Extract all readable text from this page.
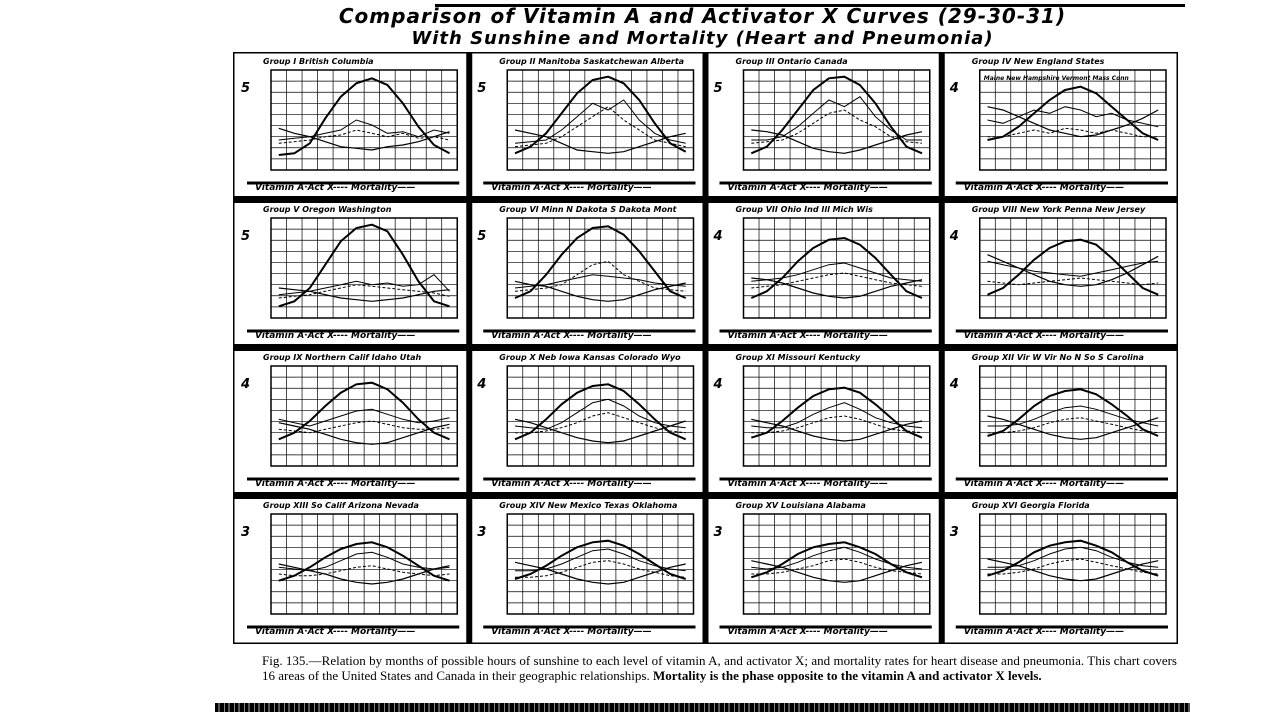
Comparison of Vitamin A and Activator X Curves (29-30-31)
With Sunshine and Mortality (Heart and Pneumonia)
Group I British Columbia
5
Vitamin A·Act X---- Mortality——
Group II Manitoba Saskatchewan Alberta
5
Vitamin A·Act X---- Mortality——
Group III Ontario Canada
5
Vitamin A·Act X---- Mortality——
Group IV New England States
Maine New Hampshire Vermont Mass Conn
4
Vitamin A·Act X---- Mortality——
Group V Oregon Washington
5
Vitamin A·Act X---- Mortality——
Group VI Minn N Dakota S Dakota Mont
5
Vitamin A·Act X---- Mortality——
Group VII Ohio Ind Ill Mich Wis
4
Vitamin A·Act X---- Mortality——
Group VIII New York Penna New Jersey
4
Vitamin A·Act X---- Mortality——
Group IX Northern Calif Idaho Utah
4
Vitamin A·Act X---- Mortality——
Group X Neb Iowa Kansas Colorado Wyo
4
Vitamin A·Act X---- Mortality——
Group XI Missouri Kentucky
4
Vitamin A·Act X---- Mortality——
Group XII Vir W Vir No N So S Carolina
4
Vitamin A·Act X---- Mortality——
Group XIII So Calif Arizona Nevada
3
Vitamin A·Act X---- Mortality——
Group XIV New Mexico Texas Oklahoma
3
Vitamin A·Act X---- Mortality——
Group XV Louisiana Alabama
3
Vitamin A·Act X---- Mortality——
Group XVI Georgia Florida
3
Vitamin A·Act X---- Mortality——
Fig. 135.—Relation by months of possible hours of sunshine to each level of vitamin A, and activator X; and mortality rates for heart disease and pneumonia. This chart covers 16 areas of the United States and Canada in their geographic relationships. Mortality is the phase opposite to the vitamin A and activator X levels.
